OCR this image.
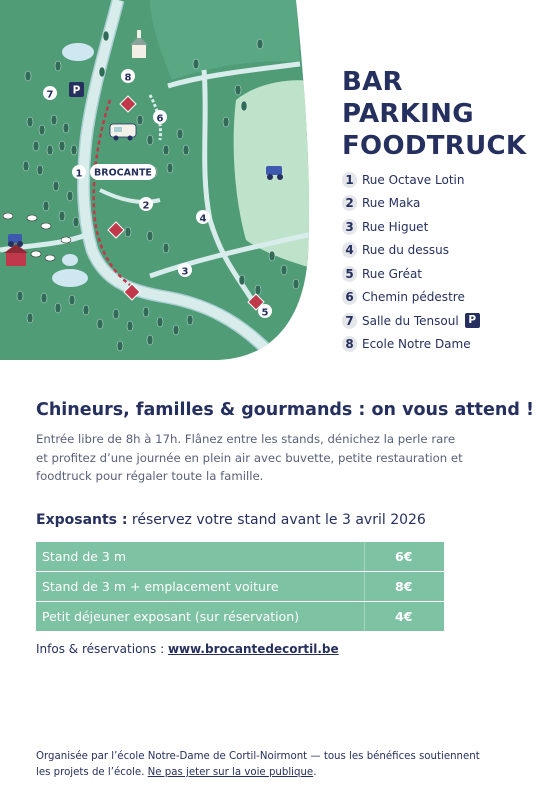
1 BROCANTE
2
3
4
5
6
7
8
P	BAR
PARKING
FOODTRUCK
1 Rue Octave Lotin
2 Rue Maka
3 Rue Higuet
4 Rue du dessus
5 Rue Gréat
6 Chemin pédestre
7 Salle du Tensoul P
8 Ecole Notre Dame
Chineurs, familles & gourmands : on vous attend !

Entrée libre de 8h à 17h. Flânez entre les stands, dénichez la perle rare

et profitez d’une journée en plein air avec buvette, petite restauration et

foodtruck pour régaler toute la famille.

Exposants : réservez votre stand avant le 3 avril 2026
Stand de 3 m	6€
Stand de 3 m + emplacement voiture	8€
Petit déjeuner exposant (sur réservation)	4€
Infos & réservations : www.brocantedecortil.be

Organisée par l’école Notre-Dame de Cortil-Noirmont — tous les bénéfices soutiennent

les projets de l’école. Ne pas jeter sur la voie publique.
